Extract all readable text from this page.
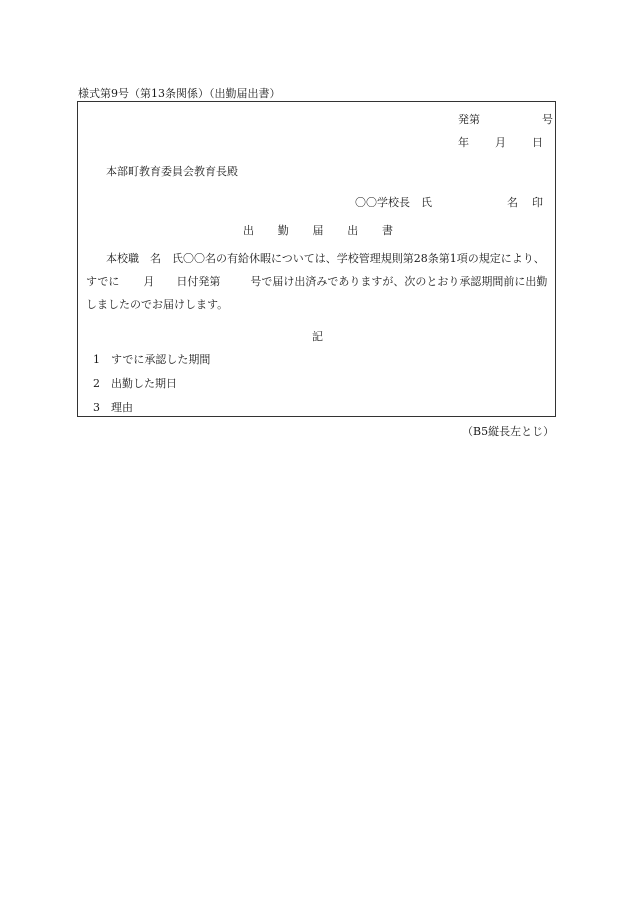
様式第9号（第13条関係）（出勤届出書）
発第	号
年 月 日
本部町教育委員会教育長殿
〇〇学校長　氏	名 印
出 勤 届 出 書
本校職　名　氏〇〇名の有給休暇については、学校管理規則第28条第1項の規定により、すでに 月 日付発第	号で届け出済みでありますが、次のとおり承認期間前に出勤しましたのでお届けします。
記
1 すでに承認した期間
2 出勤した期日
3 理由
（B5縦長左とじ）
